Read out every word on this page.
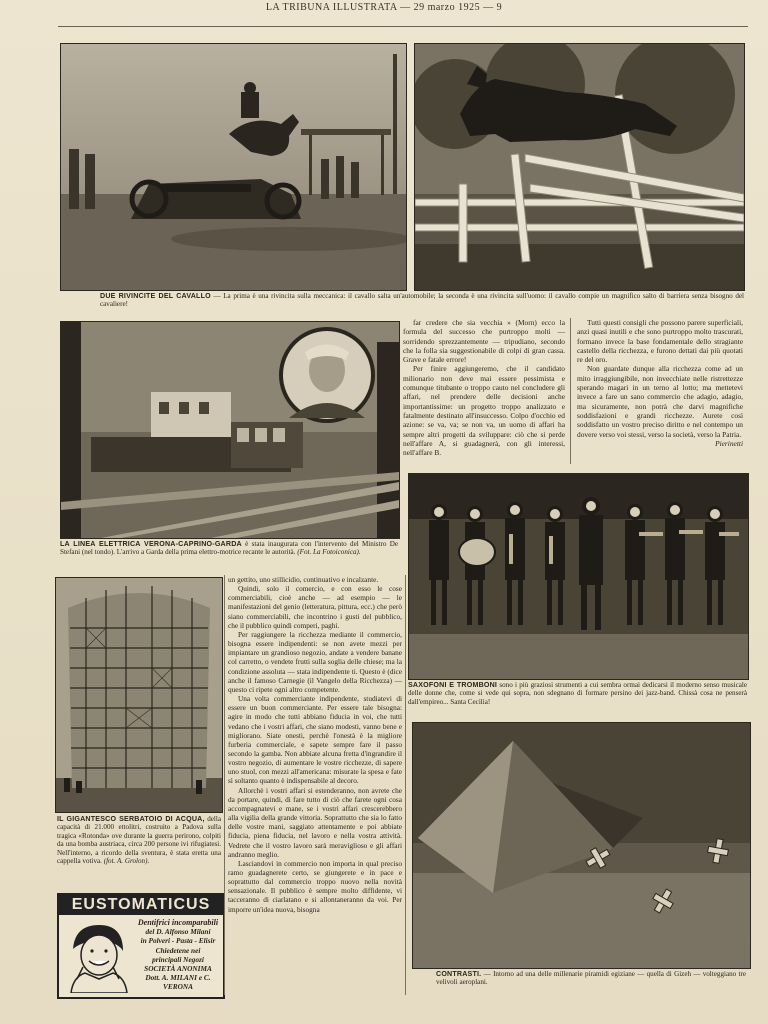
LA TRIBUNA ILLUSTRATA — 29 marzo 1925 — 9
DUE RIVINCITE DEL CAVALLO — La prima è una rivincita sulla meccanica: il cavallo salta un'automobile; la seconda è una rivincita sull'uomo: il cavallo compie un magnifico salto di barriera senza bisogno del cavaliere!
LA LINEA ELETTRICA VERONA-CAPRINO-GARDA è stata inaugurata con l'intervento del Ministro De Stefani (nel tondo). L'arrivo a Garda della prima elettro-motrice recante le autorità. (Fot. La Fotoiconica).

far credere che sia vecchia » (Morn) ecco la formula del successo che purtroppo molti — sorridendo sprezzantemente — tripudiano, secondo che la folla sia suggestionabile di colpi di gran cassa. Grave e fatale errore!

Per finire aggiungeremo, che il candidato milionario non deve mai essere pessimista e comunque titubante o troppo cauto nel concludere gli affari, nel prendere delle decisioni anche importantissime: un progetto troppo analizzato e fatalmente destinato all'insuccesso. Colpo d'occhio ed azione: se va, va; se non va, un uomo di affari ha sempre altri progetti da sviluppare: ciò che si perde nell'affare A, si guadagnerà, con gli interessi, nell'affare B.

Tutti questi consigli che possono parere superficiali, anzi quasi inutili e che sono purtroppo molto trascurati, formano invece la base fondamentale dello stragiante castello della ricchezza, e furono dettati dai più quotati re del oro.

Non guardate dunque alla ricchezza come ad un mito irraggiungibile, non invecchiate nelle ristrettezze sperando magari in un terno al lotto; ma mettetevi invece a fare un sano commercio che adagio, adagio, ma sicuramente, non potrà che darvi magnifiche soddisfazioni e grandi ricchezze. Aurete così soddisfatto un vostro preciso diritto e nel contempo un dovere verso voi stessi, verso la società, verso la Patria.

Pierinetti
SAXOFONI E TROMBONI sono i più graziosi strumenti a cui sembra ormai dedicarsi il moderno senso musicale delle donne che, come si vede qui sopra, non sdegnano di formare persino dei jazz-band. Chissà cosa ne penserà dall'empireo... Santa Cecilia!
IL GIGANTESCO SERBATOIO DI ACQUA, della capacità di 21.000 ettolitri, costruito a Padova sulla tragica «Rotonda» ove durante la guerra perirono, colpiti da una bomba austriaca, circa 200 persone ivi rifugiatesi. Nell'interno, a ricordo della sventura, è stata eretta una cappella votiva. (fot. A. Grolon).
EUSTOMATICUS
Dentifrici incomparabili
del D. Alfonso Milani
in Polveri - Pasta - Elisir
Chiedetene nei
principali Negozi
SOCIETÀ ANONIMA
Dott. A. MILANI e C.
VERONA

un gettito, uno stillicidio, continuativo e incalzante.

Quindi, solo il comercio, e con esso le cose commerciabili, cioè anche — ad esempio — le manifestazioni del genio (letteratura, pittura, ecc.) che però siano commerciabili, che incontrino i gusti del pubblico, che il pubblico quindi comperi, paghi.

Per raggiungere la ricchezza mediante il commercio, bisogna essere indipendenti: se non avete mezzi per impiantare un grandioso negozio, andate a vendere banane col carretto, o vendete frutti sulla soglia delle chiese; ma la condizione assoluta — stata indipendente ti. Questo è (dice anche il famoso Carnegie (il Vangelo della Ricchezza) — questo ci ripete ogni altro competente.

Una volta commerciante indipendente, studiatevi di essere un buon commerciante. Per essere tale bisogna: agire in modo che tutti abbiano fiducia in voi, che tutti vedano che i vostri affari, che siano modesti, vanno bene e migliorano. Siate onesti, perchè l'onestà è la migliore furberia commerciale, e sapete sempre fare il passo secondo la gamba. Non abbiate alcuna fretta d'ingrandire il vostro negozio, di aumentare le vostre ricchezze, di sapere uno stuol, con mezzi all'americana: misurate la spesa e fate sì soltanto quanto è indispensabile al decoro.

Allorchè i vostri affari si estenderanno, non avrete che da portare, quindi, di fare tutto di ciò che farete ogni cosa accompagnatevi e mane, se i vostri affari crescerebbero alla vigilia della grande vittoria. Soprattutto che sia lo fatto delle vostre mani, saggiato attentamente e poi abbiate fiducia, piena fiducia, nel lavoro e nella vostra attività. Vedrete che il vostro lavoro sarà meraviglioso e gli affari andranno meglio.

Lasciandovi in commercio non importa in qual preciso ramo guadagnerete certo, se giungerete e in pace e soprattutto dal commercio troppo nuovo nella novità sensazionale. Il pubblico è sempre molto diffidente, vi tacceranno di ciarlatano e si allontaneranno da voi. Per imporre un'idea nuova, bisogna

CONTRASTI. — Intorno ad una delle millenarie piramidi egiziane — quella di Gizeh — volteggiano tre velivoli aeroplani.
